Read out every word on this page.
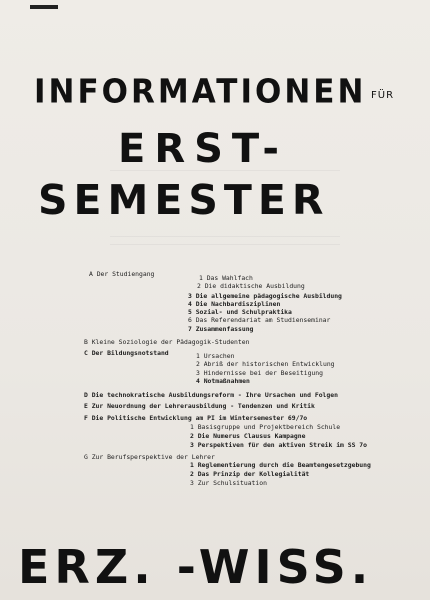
INFORMATIONEN FÜR
ERST-
SEMESTER
A Der Studiengang	1 Das Wahlfach
2 Die didaktische Ausbildung
3 Die allgemeine pädagogische Ausbildung
4 Die Nachbardisziplinen
5 Sozial- und Schulpraktika
6 Das Referendariat am Studienseminar
7 Zusammenfassung
B Kleine Soziologie der Pädagogik-Studenten
C Der Bildungsnotstand	1 Ursachen
2 Abriß der historischen Entwicklung
3 Hindernisse bei der Beseitigung
4 Notmaßnahmen
D Die technokratische Ausbildungsreform - Ihre Ursachen und Folgen
E Zur Neuordnung der Lehrerausbildung - Tendenzen und Kritik
F Die Politische Entwicklung am PI im Wintersemester 69/7o
1 Basisgruppe und Projektbereich Schule
2 Die Numerus Clausus Kampagne
3 Perspektiven für den aktiven Streik im SS 7o
G Zur Berufsperspektive der Lehrer
1 Reglementierung durch die Beamtengesetzgebung
2 Das Prinzip der Kollegialität
3 Zur Schulsituation
ERZ. -WISS.
